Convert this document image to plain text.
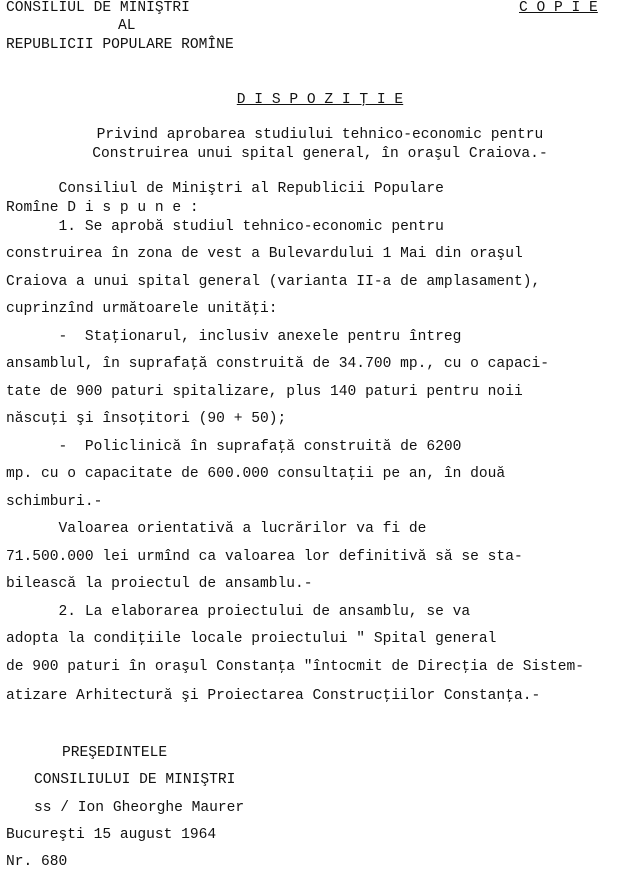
CONSILIUL DE MINIŞTRI
AL
REPUBLICII POPULARE ROMÎNE
C O P I E
D I S P O Z I Ţ I E
Privind aprobarea studiului tehnico-economic pentru
Construirea unui spital general, în oraşul Craiova.-
Consiliul de Miniştri al Republicii Populare
Romîne D i s p u n e :
1. Se aprobă studiul tehnico-economic pentru
construirea în zona de vest a Bulevardului 1 Mai din oraşul
Craiova a unui spital general (varianta II-a de amplasament),
cuprinzînd următoarele unităţi:
-  Staţionarul, inclusiv anexele pentru întreg
ansamblul, în suprafaţă construită de 34.700 mp., cu o capaci-
tate de 900 paturi spitalizare, plus 140 paturi pentru noii
născuţi şi însoţitori (90 + 50);
-  Policlinică în suprafaţă construită de 6200
mp. cu o capacitate de 600.000 consultaţii pe an, în două
schimburi.-
Valoarea orientativă a lucrărilor va fi de
71.500.000 lei urmînd ca valoarea lor definitivă să se sta-
bilească la proiectul de ansamblu.-
2. La elaborarea proiectului de ansamblu, se va
adopta la condiţiile locale proiectului " Spital general
de 900 paturi în oraşul Constanţa "întocmit de Direcţia de Sistem-
atizare Arhitectură şi Proiectarea Construcţiilor Constanţa.-
PREŞEDINTELE
CONSILIULUI DE MINIŞTRI
ss / Ion Gheorghe Maurer
Bucureşti 15 august 1964
Nr. 680
